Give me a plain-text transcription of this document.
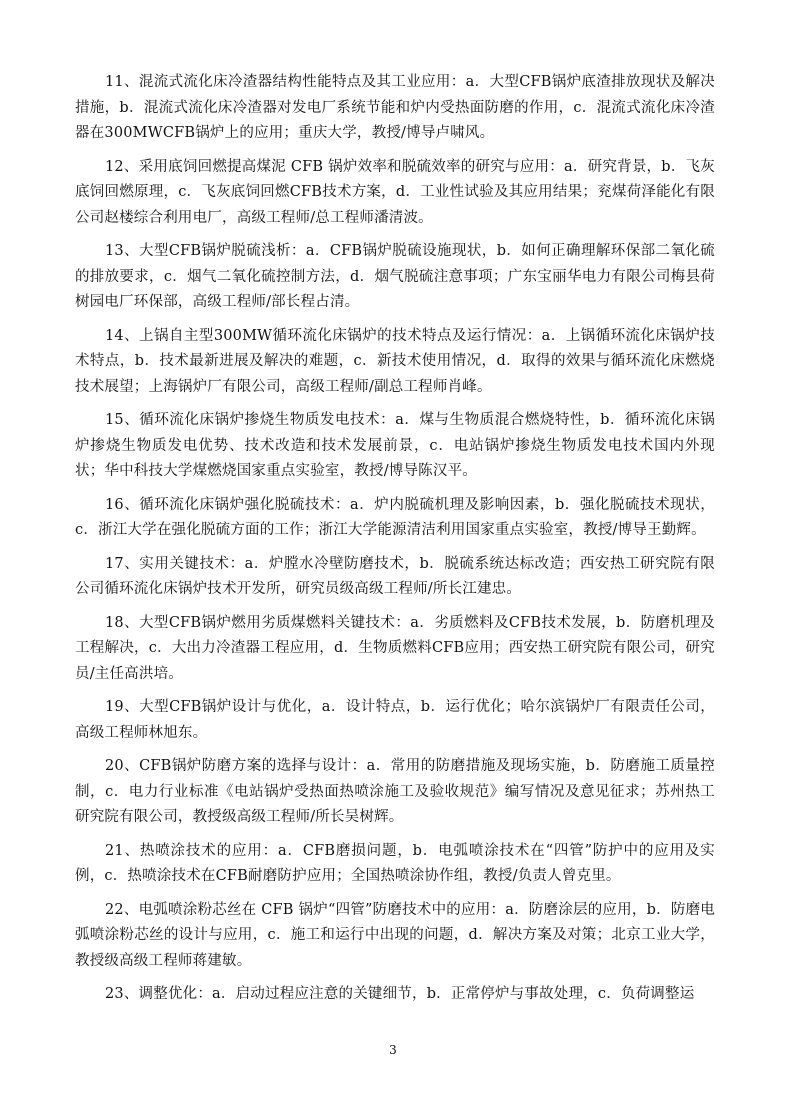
11、混流式流化床冷渣器结构性能特点及其工业应用：a．大型CFB锅炉底渣排放现状及解决措施，b．混流式流化床冷渣器对发电厂系统节能和炉内受热面防磨的作用，c．混流式流化床冷渣器在300MWCFB锅炉上的应用；重庆大学，教授/博导卢啸风。

12、采用底饲回燃提高煤泥 CFB 锅炉效率和脱硫效率的研究与应用：a．研究背景，b．飞灰底饲回燃原理，c．飞灰底饲回燃CFB技术方案，d．工业性试验及其应用结果；兖煤荷泽能化有限公司赵楼综合利用电厂，高级工程师/总工程师潘清波。

13、大型CFB锅炉脱硫浅析：a．CFB锅炉脱硫设施现状，b．如何正确理解环保部二氧化硫的排放要求，c．烟气二氧化硫控制方法，d．烟气脱硫注意事项；广东宝丽华电力有限公司梅县荷树园电厂环保部，高级工程师/部长程占清。

14、上锅自主型300MW循环流化床锅炉的技术特点及运行情况：a．上锅循环流化床锅炉技术特点，b．技术最新进展及解决的难题，c．新技术使用情况，d．取得的效果与循环流化床燃烧技术展望；上海锅炉厂有限公司，高级工程师/副总工程师肖峰。

15、循环流化床锅炉掺烧生物质发电技术：a．煤与生物质混合燃烧特性，b．循环流化床锅炉掺烧生物质发电优势、技术改造和技术发展前景，c．电站锅炉掺烧生物质发电技术国内外现状；华中科技大学煤燃烧国家重点实验室，教授/博导陈汉平。

16、循环流化床锅炉强化脱硫技术：a．炉内脱硫机理及影响因素，b．强化脱硫技术现状，c．浙江大学在强化脱硫方面的工作；浙江大学能源清洁利用国家重点实验室，教授/博导王勤辉。

17、实用关键技术：a．炉膛水冷壁防磨技术，b．脱硫系统达标改造；西安热工研究院有限公司循环流化床锅炉技术开发所，研究员级高级工程师/所长江建忠。

18、大型CFB锅炉燃用劣质煤燃料关键技术：a．劣质燃料及CFB技术发展，b．防磨机理及工程解决，c．大出力冷渣器工程应用，d．生物质燃料CFB应用；西安热工研究院有限公司，研究员/主任高洪培。

19、大型CFB锅炉设计与优化，a．设计特点，b．运行优化；哈尔滨锅炉厂有限责任公司，高级工程师林旭东。

20、CFB锅炉防磨方案的选择与设计：a．常用的防磨措施及现场实施，b．防磨施工质量控制，c．电力行业标准《电站锅炉受热面热喷涂施工及验收规范》编写情况及意见征求；苏州热工研究院有限公司，教授级高级工程师/所长吴树辉。

21、热喷涂技术的应用：a．CFB磨损问题，b．电弧喷涂技术在“四管”防护中的应用及实例，c．热喷涂技术在CFB耐磨防护应用；全国热喷涂协作组，教授/负责人曾克里。

22、电弧喷涂粉芯丝在 CFB 锅炉“四管”防磨技术中的应用：a．防磨涂层的应用，b．防磨电弧喷涂粉芯丝的设计与应用，c．施工和运行中出现的问题，d．解决方案及对策；北京工业大学，教授级高级工程师蒋建敏。

23、调整优化：a．启动过程应注意的关键细节，b．正常停炉与事故处理，c．负荷调整运

3
